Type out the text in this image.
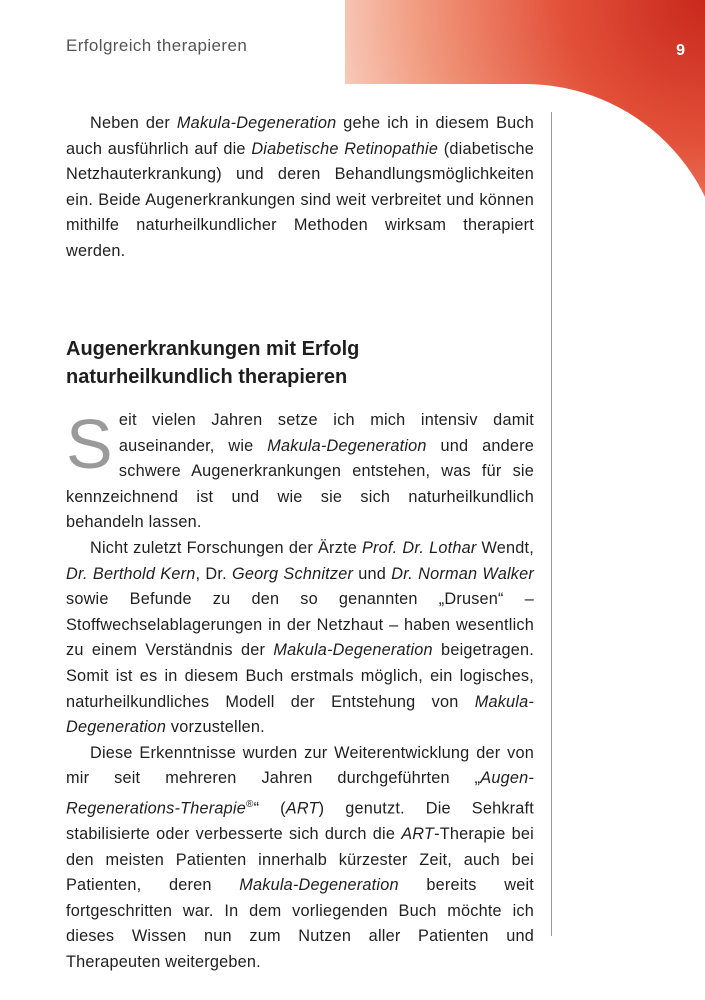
Erfolgreich therapieren	9

Neben der Makula-Degeneration gehe ich in diesem Buch auch ausführlich auf die Diabetische Retinopathie (diabetische Netzhauterkrankung) und deren Behandlungsmöglichkeiten ein. Beide Augenerkrankungen sind weit verbreitet und können mithilfe naturheilkundlicher Methoden wirksam therapiert werden.

Augenerkrankungen mit Erfolg
naturheilkundlich therapieren

Seit vielen Jahren setze ich mich intensiv damit auseinander, wie Makula-Degeneration und andere schwere Augenerkrankungen entstehen, was für sie kennzeichnend ist und wie sie sich naturheilkundlich behandeln lassen.

Nicht zuletzt Forschungen der Ärzte Prof. Dr. Lothar Wendt, Dr. Berthold Kern, Dr. Georg Schnitzer und Dr. Norman Walker sowie Befunde zu den so genannten „Drusen“ – Stoffwechselablagerungen in der Netzhaut – haben wesentlich zu einem Verständnis der Makula-Degeneration beigetragen. Somit ist es in diesem Buch erstmals möglich, ein logisches, naturheilkundliches Modell der Entstehung von Makula-Degeneration vorzustellen.

Diese Erkenntnisse wurden zur Weiterentwicklung der von mir seit mehreren Jahren durchgeführten „Augen-Regenerations-Therapie®“ (ART) genutzt. Die Sehkraft stabilisierte oder verbesserte sich durch die ART-Therapie bei den meisten Patienten innerhalb kürzester Zeit, auch bei Patienten, deren Makula-Degeneration bereits weit fortgeschritten war. In dem vorliegenden Buch möchte ich dieses Wissen nun zum Nutzen aller Patienten und Therapeuten weitergeben.
